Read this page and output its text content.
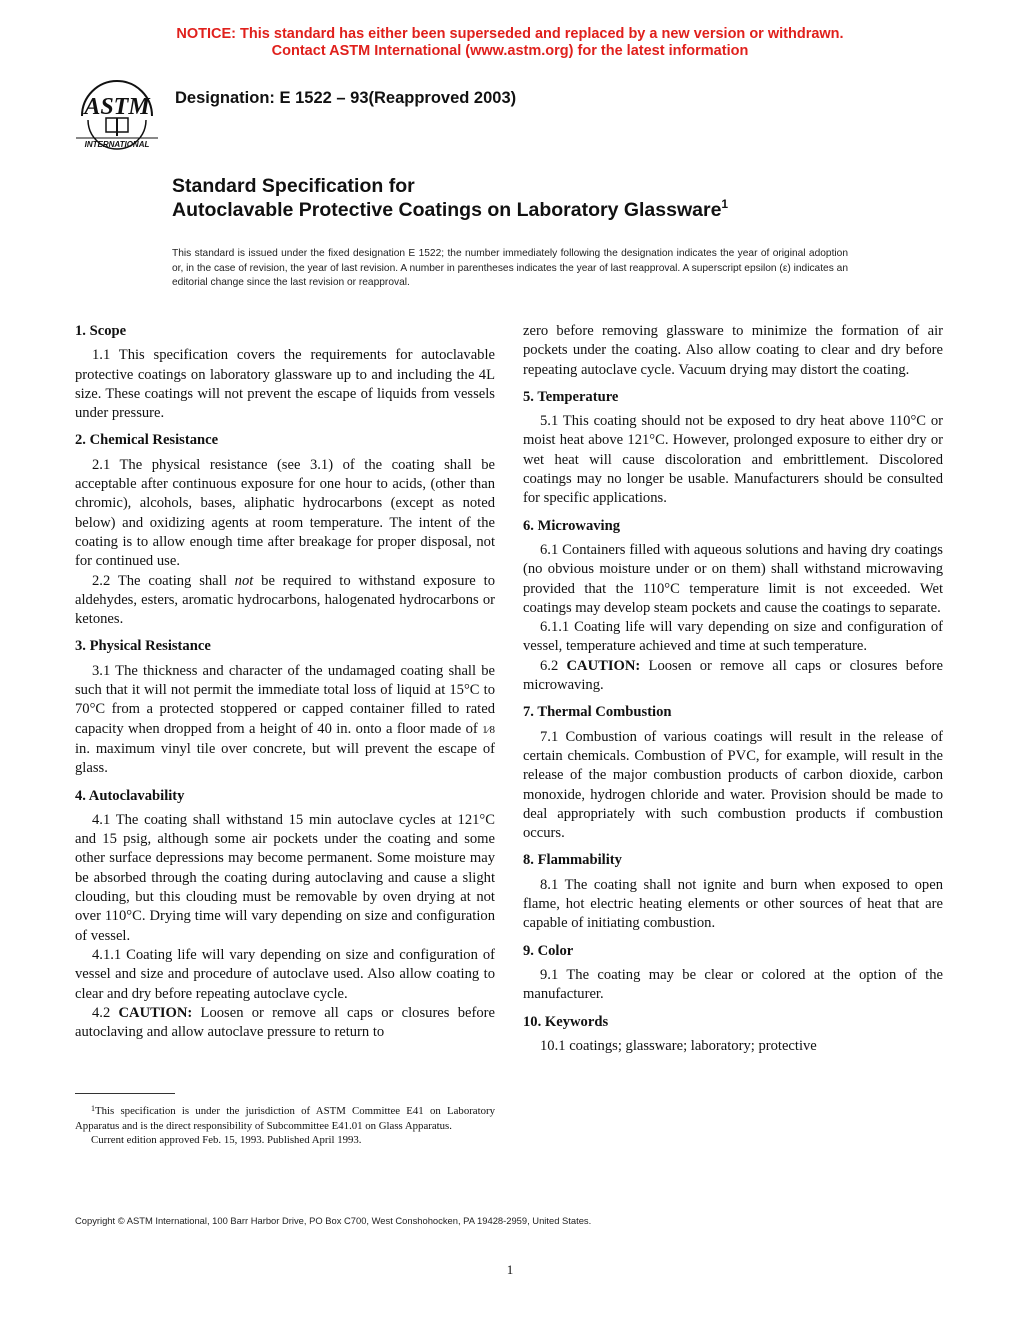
NOTICE: This standard has either been superseded and replaced by a new version or withdrawn.
Contact ASTM International (www.astm.org) for the latest information
ASTM
INTERNATIONAL
Designation: E 1522 – 93(Reapproved 2003)
Standard Specification for
Autoclavable Protective Coatings on Laboratory Glassware$^1$
This standard is issued under the fixed designation E 1522; the number immediately following the designation indicates the year of original adoption or, in the case of revision, the year of last revision. A number in parentheses indicates the year of last reapproval. A superscript epsilon (ε) indicates an editorial change since the last revision or reapproval.
1. Scope

1.1 This specification covers the requirements for autoclavable protective coatings on laboratory glassware up to and including the 4L size. These coatings will not prevent the escape of liquids from vessels under pressure.

2. Chemical Resistance

2.1 The physical resistance (see 3.1) of the coating shall be acceptable after continuous exposure for one hour to acids, (other than chromic), alcohols, bases, aliphatic hydrocarbons (except as noted below) and oxidizing agents at room temperature. The intent of the coating is to allow enough time after breakage for proper disposal, not for continued use.

2.2 The coating shall not be required to withstand exposure to aldehydes, esters, aromatic hydrocarbons, halogenated hydrocarbons or ketones.

3. Physical Resistance

3.1 The thickness and character of the undamaged coating shall be such that it will not permit the immediate total loss of liquid at 15°C to 70°C from a protected stoppered or capped container filled to rated capacity when dropped from a height of 40 in. onto a floor made of 1⁄8 in. maximum vinyl tile over concrete, but will prevent the escape of glass.

4. Autoclavability

4.1 The coating shall withstand 15 min autoclave cycles at 121°C and 15 psig, although some air pockets under the coating and some other surface depressions may become permanent. Some moisture may be absorbed through the coating during autoclaving and cause a slight clouding, but this clouding must be removable by oven drying at not over 110°C. Drying time will vary depending on size and configuration of vessel.

4.1.1 Coating life will vary depending on size and configuration of vessel and size and procedure of autoclave used. Also allow coating to clear and dry before repeating autoclave cycle.

4.2 CAUTION: Loosen or remove all caps or closures before autoclaving and allow autoclave pressure to return to

zero before removing glassware to minimize the formation of air pockets under the coating. Also allow coating to clear and dry before repeating autoclave cycle. Vacuum drying may distort the coating.

5. Temperature

5.1 This coating should not be exposed to dry heat above 110°C or moist heat above 121°C. However, prolonged exposure to either dry or wet heat will cause discoloration and embrittlement. Discolored coatings may no longer be usable. Manufacturers should be consulted for specific applications.

6. Microwaving

6.1 Containers filled with aqueous solutions and having dry coatings (no obvious moisture under or on them) shall withstand microwaving provided that the 110°C temperature limit is not exceeded. Wet coatings may develop steam pockets and cause the coatings to separate.

6.1.1 Coating life will vary depending on size and configuration of vessel, temperature achieved and time at such temperature.

6.2 CAUTION: Loosen or remove all caps or closures before microwaving.

7. Thermal Combustion

7.1 Combustion of various coatings will result in the release of certain chemicals. Combustion of PVC, for example, will result in the release of the major combustion products of carbon dioxide, carbon monoxide, hydrogen chloride and water. Provision should be made to deal appropriately with such combustion products if combustion occurs.

8. Flammability

8.1 The coating shall not ignite and burn when exposed to open flame, hot electric heating elements or other sources of heat that are capable of initiating combustion.

9. Color

9.1 The coating may be clear or colored at the option of the manufacturer.

10. Keywords

10.1 coatings; glassware; laboratory; protective

$^1$This specification is under the jurisdiction of ASTM Committee E41 on Laboratory Apparatus and is the direct responsibility of Subcommittee E41.01 on Glass Apparatus.

Current edition approved Feb. 15, 1993. Published April 1993.

Copyright © ASTM International, 100 Barr Harbor Drive, PO Box C700, West Conshohocken, PA 19428-2959, United States.
1
